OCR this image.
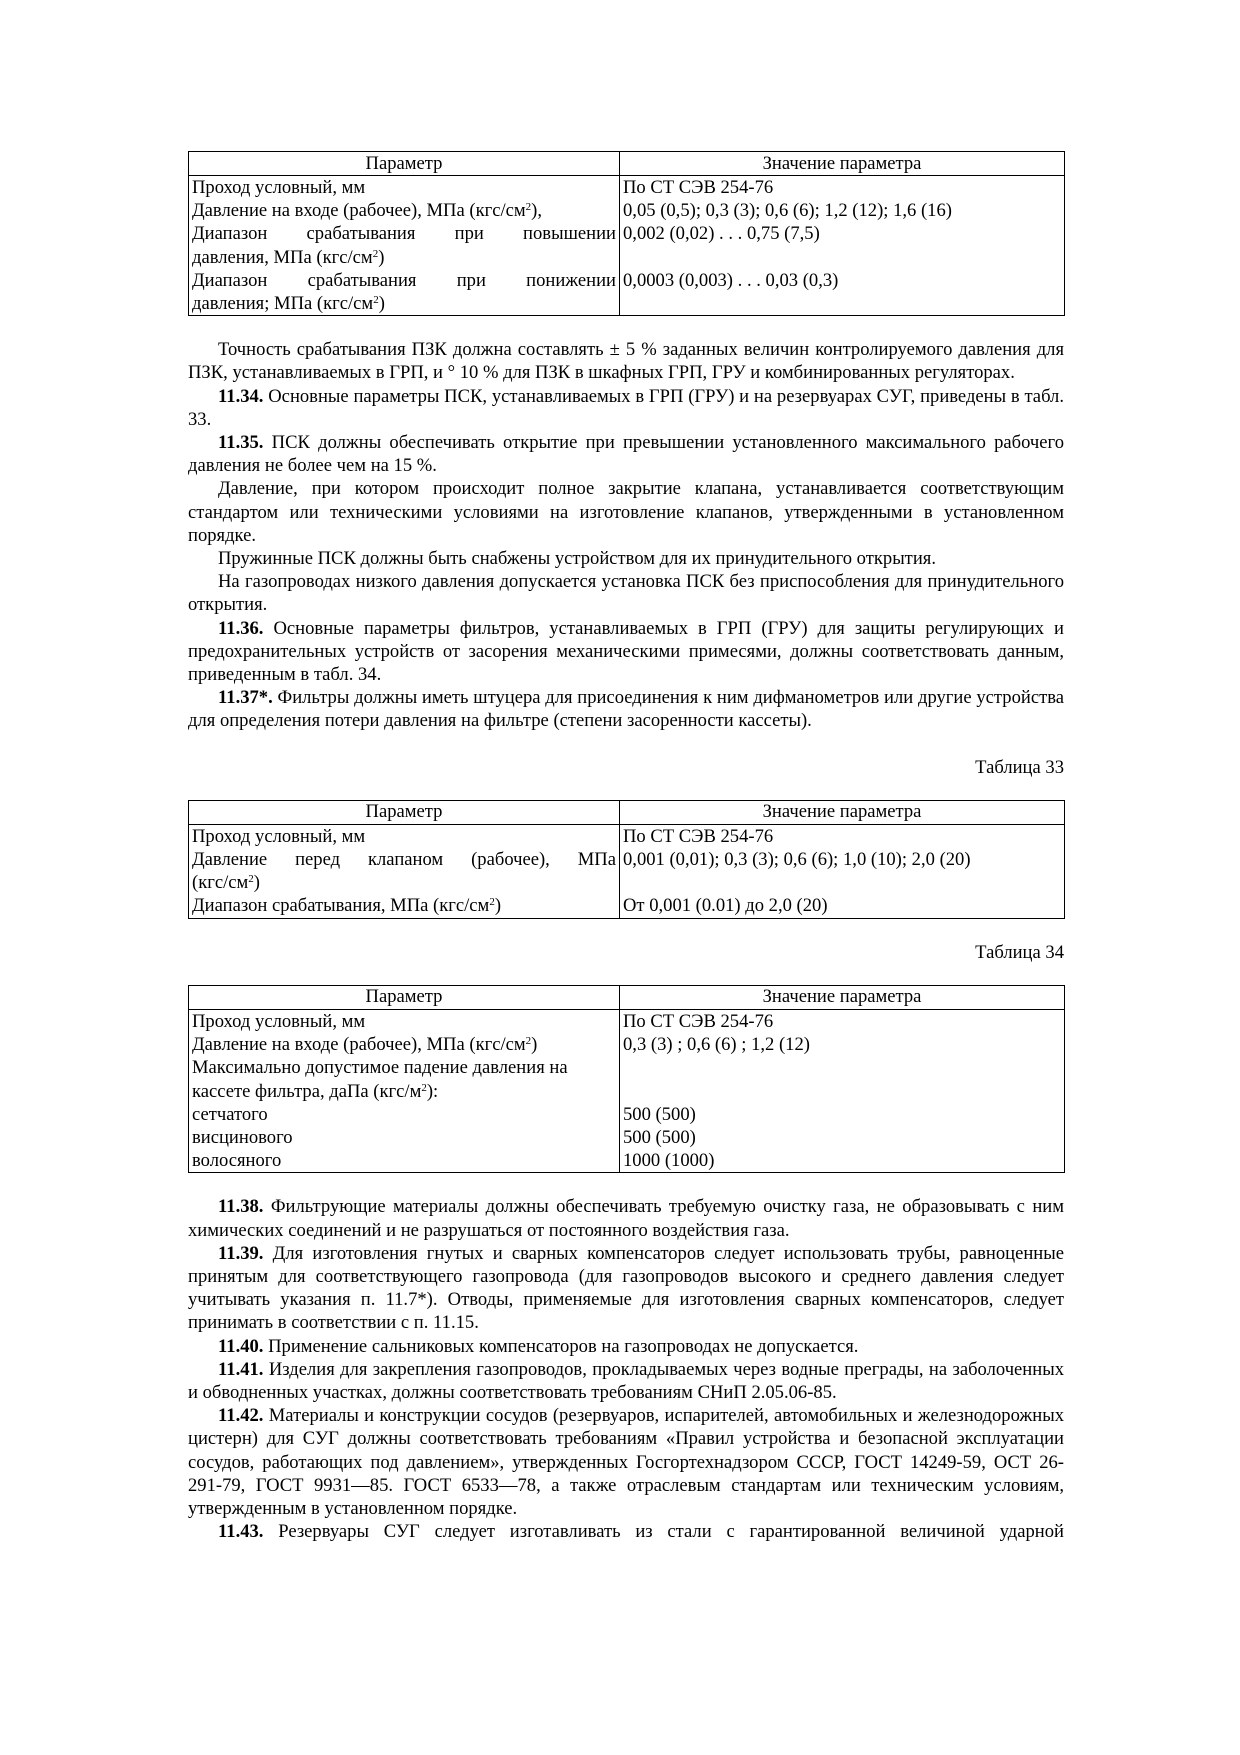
Параметр	Значение параметра
Проход условный, мм	По СТ СЭВ 254-76
Давление на входе (рабочее), МПа $(кгс/см^2)$,	0,05 (0,5); 0,3 (3); 0,6 (6); 1,2 (12); 1,6 (16)

Диапазон срабатывания при повышении
давления, МПа $(кгс/см^2)$	0,002 (0,02) . . . 0,75 (7,5)

Диапазон срабатывания при понижении
давления; МПа $(кгс/см^2)$	0,0003 (0,003) . . . 0,03 (0,3)

Точность срабатывания ПЗК должна составлять ± 5 % заданных величин контролируемого давления для ПЗК, устанавливаемых в ГРП, и ° 10 % для ПЗК в шкафных ГРП, ГРУ и комбинированных регуляторах.

11.34. Основные параметры ПСК, устанавливаемых в ГРП (ГРУ) и на резервуарах СУГ, приведены в табл. 33.

11.35. ПСК должны обеспечивать открытие при превышении установленного максимального рабочего давления не более чем на 15 %.

Давление, при котором происходит полное закрытие клапана, устанавливается соответствующим стандартом или техническими условиями на изготовление клапанов, утвержденными в установленном порядке.

Пружинные ПСК должны быть снабжены устройством для их принудительного открытия.

На газопроводах низкого давления допускается установка ПСК без приспособления для принудительного открытия.

11.36. Основные параметры фильтров, устанавливаемых в ГРП (ГРУ) для защиты регулирующих и предохранительных устройств от засорения механическими примесями, должны соответствовать данным, приведенным в табл. 34.

11.37*. Фильтры должны иметь штуцера для присоединения к ним дифманометров или другие устройства для определения потери давления на фильтре (степени засоренности кассеты).

Таблица 33

Параметр	Значение параметра
Проход условный, мм	По СТ СЭВ 254-76

Давление перед клапаном (рабочее), МПа
$(кгс/см^2)$	0,001 (0,01); 0,3 (3); 0,6 (6); 1,0 (10); 2,0 (20)
Диапазон срабатывания, МПа $(кгс/см^2)$	От 0,001 (0.01) до 2,0 (20)

Таблица 34

Параметр	Значение параметра
Проход условный, мм	По СТ СЭВ 254-76
Давление на входе (рабочее), МПа $(кгс/см^2)$	0,3 (3) ; 0,6 (6) ; 1,2 (12)

Максимально допустимое падение давления на
кассете фильтра, даПа $(кгс/м^2)$:	

сетчатого	500 (500)
висцинового	500 (500)
волосяного	1000 (1000)

11.38. Фильтрующие материалы должны обеспечивать требуемую очистку газа, не образовывать с ним химических соединений и не разрушаться от постоянного воздействия газа.

11.39. Для изготовления гнутых и сварных компенсаторов следует использовать трубы, равноценные принятым для соответствующего газопровода (для газопроводов высокого и среднего давления следует учитывать указания п. 11.7*). Отводы, применяемые для изготовления сварных компенсаторов, следует принимать в соответствии с п. 11.15.

11.40. Применение сальниковых компенсаторов на газопроводах не допускается.

11.41. Изделия для закрепления газопроводов, прокладываемых через водные преграды, на заболоченных и обводненных участках, должны соответствовать требованиям СНиП 2.05.06-85.

11.42. Материалы и конструкции сосудов (резервуаров, испарителей, автомобильных и железнодорожных цистерн) для СУГ должны соответствовать требованиям «Правил устройства и безопасной эксплуатации сосудов, работающих под давлением», утвержденных Госгортехнадзором СССР, ГОСТ 14249-59, ОСТ 26-291-79, ГОСТ 9931—85. ГОСТ 6533—78, а также отраслевым стандартам или техническим условиям, утвержденным в установленном порядке.

11.43. Резервуары СУГ следует изготавливать из стали с гарантированной величиной ударной
